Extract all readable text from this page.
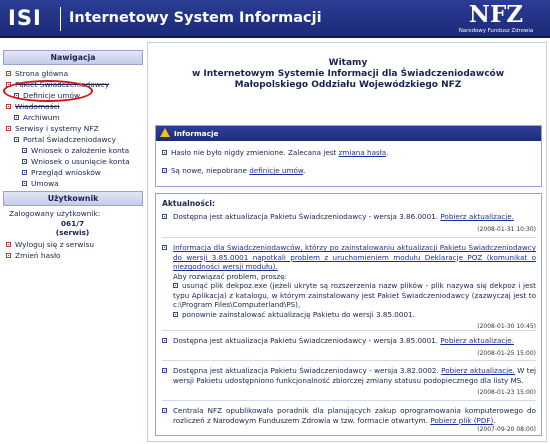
ISI Internetowy System Informacji	NFZ
Narodowy Fundusz Zdrowia
Nawigacja
Strona główna
Pakiet Świadczeniodawcy
Definicje umów
Wiadomości
Archiwum
Serwisy i systemy NFZ
Portal Świadczeniodawcy
Wniosek o założenie konta
Wniosek o usunięcie konta
Przegląd wniosków
Umowa
Użytkownik
Zalogowany użytkownik:
061/7
(serwis)
Wyloguj się z serwisu
Zmień hasło
Witamy
w Internetowym Systemie Informacji dla Świadczeniodawców
Małopolskiego Oddziału Wojewódzkiego NFZ
Informacje
Hasło nie było nigdy zmienione. Zalecana jest zmiana hasła.
Są nowe, niepobrane definicje umów.
Aktualności:
Dostępna jest aktualizacja Pakietu Świadczeniodawcy - wersja 3.86.0001. Pobierz aktualizacje.
(2008-01-31 10:30)
Informacja dla Świadczeniodawców, którzy po zainstalowaniu aktualizacji Pakietu Świadczeniodawcy do wersji 3.85.0001 napotkali problem z uruchomieniem modułu Deklaracje POZ (komunikat o niezgodności wersji modułu).
Aby rozwiązać problem, proszę:
usunąć plik dekpoz.exe (jeżeli ukryte są rozszerzenia nazw plików - plik nazywa się dekpoz i jest typu Aplikacja) z katalogu, w którym zainstalowany jest Pakiet Świadczeniodawcy (zazwyczaj jest to c:\Program Files\Computerland\PS),
ponownie zainstalować aktualizację Pakietu do wersji 3.85.0001.
(2008-01-30 10:45)
Dostępna jest aktualizacja Pakietu Świadczeniodawcy - wersja 3.85.0001. Pobierz aktualizacje.
(2008-01-25 15:00)
Dostępna jest aktualizacja Pakietu Świadczeniodawcy - wersja 3.82.0002. Pobierz aktualizacje. W tej wersji Pakietu udostępniono funkcjonalność zbiorczej zmiany statusu podopiecznego dla listy MS.
(2008-01-23 15:00)
Centrala NFZ opublikowała poradnik dla planujących zakup oprogramowania komputerowego do rozliczeń z Narodowym Funduszem Zdrowia w tzw. formacie otwartym. Pobierz plik (PDF).
(2007-09-20 08:00)
